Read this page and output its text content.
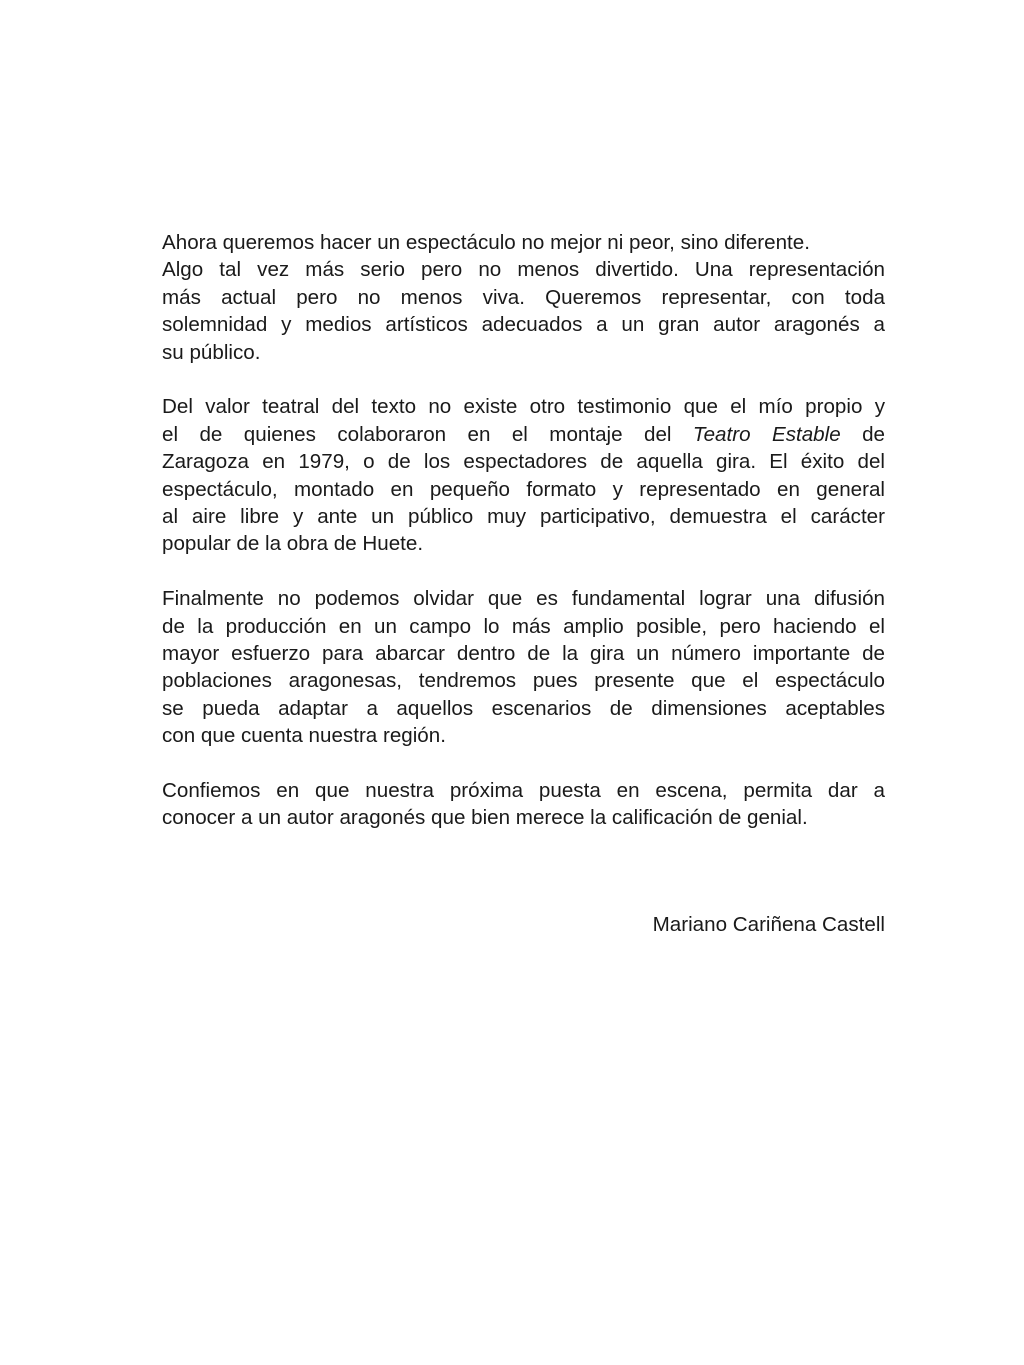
Ahora queremos hacer un espectáculo no mejor ni peor, sino diferente.
Algo tal vez más serio pero no menos divertido. Una representación
más actual pero no menos viva. Queremos representar, con toda
solemnidad y medios artísticos adecuados a un gran autor aragonés a
su público.

Del valor teatral del texto no existe otro testimonio que el mío propio y
el de quienes colaboraron en el montaje del Teatro Estable de
Zaragoza en 1979, o de los espectadores de aquella gira. El éxito del
espectáculo, montado en pequeño formato y representado en general
al aire libre y ante un público muy participativo, demuestra el carácter
popular de la obra de Huete.

Finalmente no podemos olvidar que es fundamental lograr una difusión
de la producción en un campo lo más amplio posible, pero haciendo el
mayor esfuerzo para abarcar dentro de la gira un número importante de
poblaciones aragonesas, tendremos pues presente que el espectáculo
se pueda adaptar a aquellos escenarios de dimensiones aceptables
con que cuenta nuestra región.

Confiemos en que nuestra próxima puesta en escena, permita dar a
conocer a un autor aragonés que bien merece la calificación de genial.

Mariano Cariñena Castell
